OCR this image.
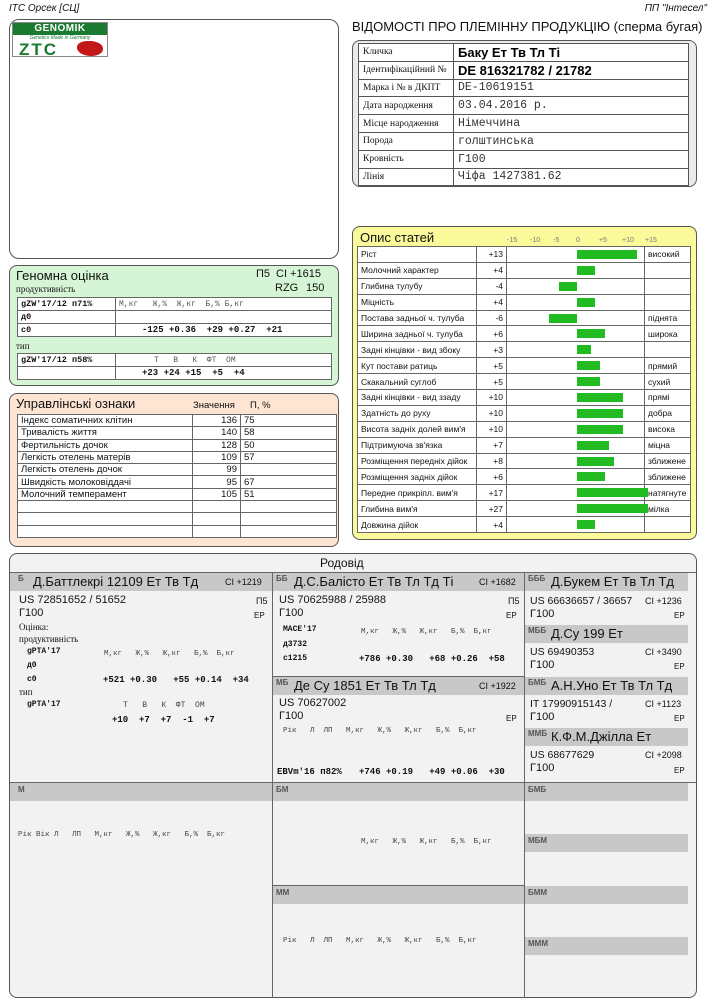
ITC Орсек [СЦ]	ПП "Інтесел"
ВІДОМОСТІ ПРО ПЛЕМІННУ ПРОДУКЦІЮ (сперма бугая)
GENOMIK
Genetics Made in Germany
ZTC	Кличка	Баку Ет Тв Тл Ті
Ідентифікаційний №	DE 816321782 / 21782
Марка і № в ДКПТ	DE-10619151
Дата народження	03.04.2016 р.
Місце народження	Німеччина
Порода	голштинська
Кровність	Г100
Лінія	Чіфа 1427381.62
Геномна оцінка	П5 CI +1615
RZG 150
продуктивність
gZW'17/12 п71%	М,кг   Ж,%  Ж,кг  Б,% Б,кг
д0	
с0	-125 +0.36  +29 +0.27  +21
тип
gZW'17/12 п58%	Т   В   К  ФТ  ОМ
	+23 +24 +15  +5  +4
Управлінські ознаки	Значення П, %
Індекс соматичних клітин	136	75
Тривалість життя	140	58
Фертильність дочок	128	50
Легкість отелень матерів	109	57
Легкість отелень дочок	99	
Швидкість молоковіддачі	95	67
Молочний темперамент	105	51

Опис статей	-15 -10 -5 0	+5 +10 +15
Ріст	+13		високий
Молочний характер	+4	

Глибина тулубу	-4	

Міцність	+4	

Постава задньої ч. тулуба	-6		піднята
Ширина задньої ч. тулуба	+6		широка
Задні кінцівки - вид збоку	+3	

Кут постави ратиць	+5		прямий
Скакальний суглоб	+5		сухий
Задні кінцівки - вид ззаду	+10		прямі
Здатність до руху	+10		добра
Висота задніх долей вим'я	+10		висока
Підтримуюча зв'язка	+7		міцна
Розміщення передніх дійок	+8		зближене
Розміщення задніх дійок	+6		зближене
Передне прикріпл. вим'я	+17		натягнуте
Глибина вим'я	+27		мілка
Довжина дійок	+4	

Родовід
Б Д.Баттлекрі 12109 Ет Тв Тд	CI +1219
US 72851652 / 51652	П5
Г100	ЕР
Оцінка:
продуктивність
gPTA'17	М,кг   Ж,%   Ж,кг   Б,%  Б,кг
д0
с0	+521 +0.30   +55 +0.14  +34
тип
gPTA'17	Т   В   К  ФТ  ОМ
+10  +7  +7  -1  +7
ББ Д.С.Балісто Ет Тв Тл Тд Ті	CI +1682
US 70625988 / 25988	П5
Г100	ЕР
MACE'17	М,кг   Ж,%   Ж,кг   Б,%  Б,кг
д3732
с1215	+786 +0.30   +68 +0.26  +58
БББ Д.Букем Ет Тв Тл Тд
US 66636657 / 36657 CI +1236
Г100	ЕР
МББ Д.Су 199 Ет
US 69490353	CI +3490
Г100	ЕР
МБ Де Су 1851 Ет Тв Тл Тд	CI +1922
US 70627002
Г100	ЕР
Рік   Л  ЛП   М,кг   Ж,%   Ж,кг   Б,%  Б,кг
EBVm'16 п82% +746 +0.19   +49 +0.06  +30
БМБ А.Н.Уно Ет Тв Тл Тд
IT 17990915143 /	CI +1123
Г100	ЕР
ММБ К.Ф.М.Джілла Ет
US 68677629	CI +2098
Г100	ЕР
М
Рік Вік Л   ЛП   М,кг   Ж,%   Ж,кг   Б,%  Б,кг
БМ
М,кг   Ж,%   Ж,кг   Б,%  Б,кг
БМБ
МБМ
ММ
Рік   Л  ЛП   М,кг   Ж,%   Ж,кг   Б,%  Б,кг
БММ
МММ
